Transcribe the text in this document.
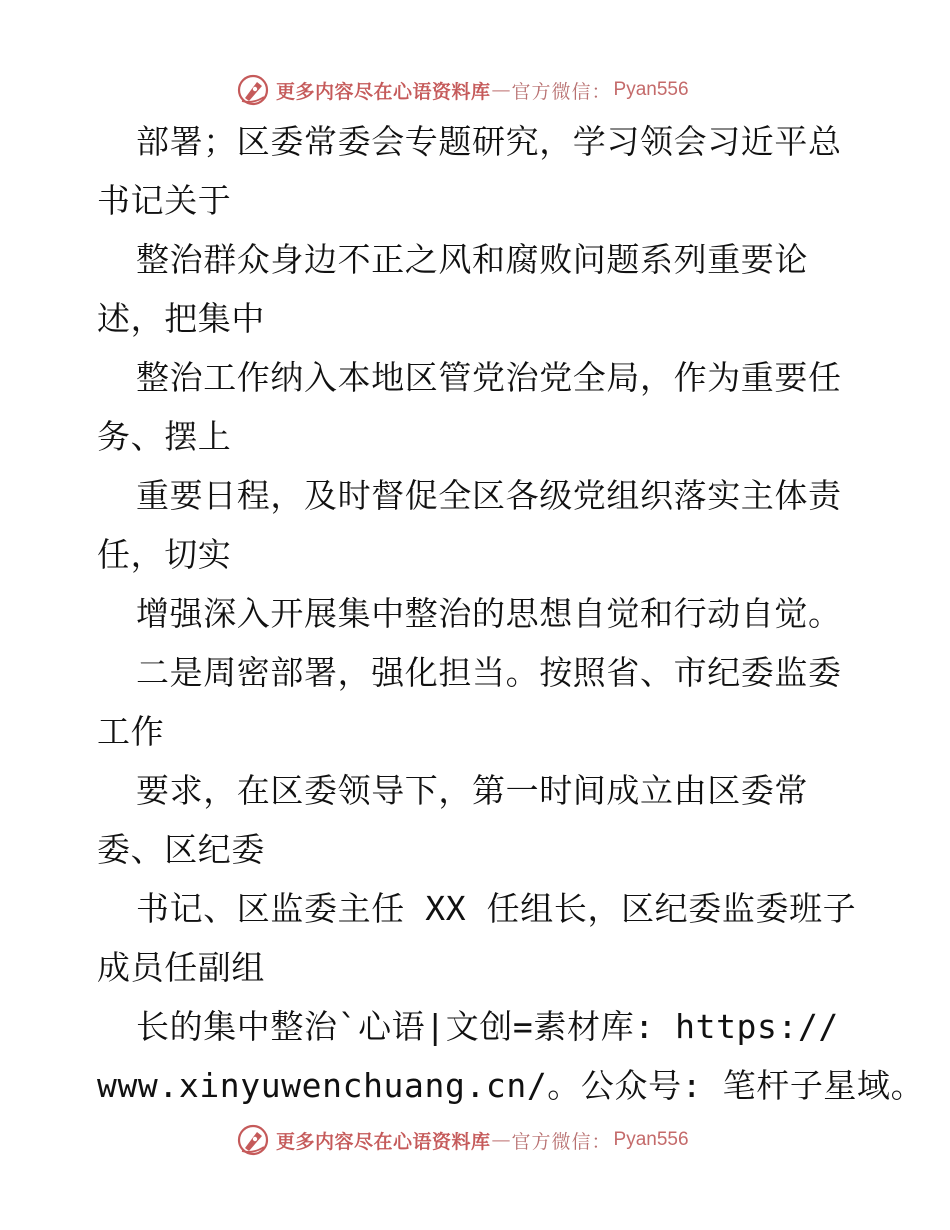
更多内容尽在心语资料库 — 官方微信： Pyan556
部署；区委常委会专题研究，学习领会习近平总
书记关于
整治群众身边不正之风和腐败问题系列重要论
述，把集中
整治工作纳入本地区管党治党全局，作为重要任
务、摆上
重要日程，及时督促全区各级党组织落实主体责
任，切实
增强深入开展集中整治的思想自觉和行动自觉。
二是周密部署，强化担当。按照省、市纪委监委
工作
要求，在区委领导下，第一时间成立由区委常
委、区纪委
书记、区监委主任 XX 任组长，区纪委监委班子
成员任副组
长的集中整治`心语|文创=素材库: https://
www.xinyuwenchuang.cn/。公众号: 笔杆子星域。
更多内容尽在心语资料库 — 官方微信： Pyan556
